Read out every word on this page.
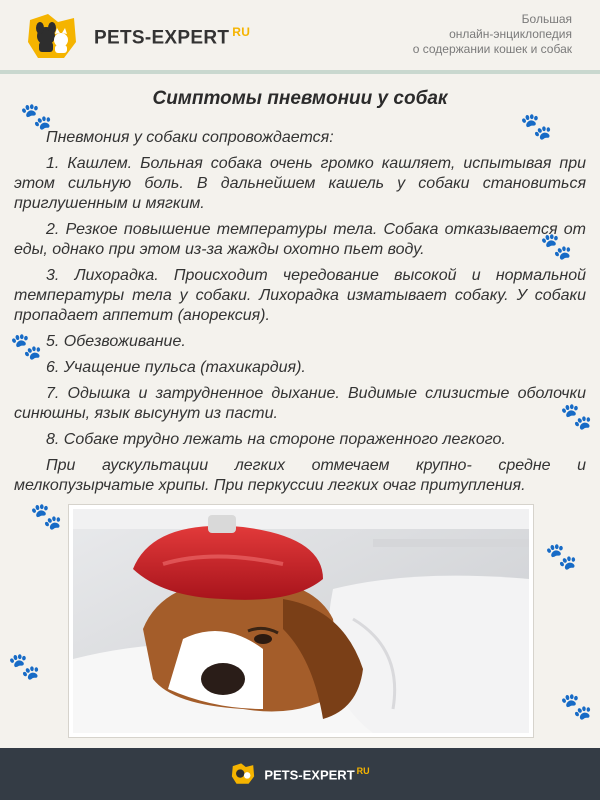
🐾	🐾
🐾
🐾
🐾
🐾
🐾
🐾
🐾
PETS-EXPERT $^{RU}$
Большая
онлайн-энциклопедия
о содержании кошек и собак
Симптомы пневмонии у собак

Пневмония у собаки сопровождается:

1. Кашлем. Больная собака очень громко кашляет, испытывая при этом сильную боль. В дальнейшем кашель у собаки становиться приглушенным и мягким.

2. Резкое повышение температуры тела. Собака отказывается от еды, однако при этом из-за жажды охотно пьет воду.

3. Лихорадка. Происходит чередование высокой и нормальной температуры тела у собаки. Лихорадка изматывает собаку. У собаки пропадает аппетит (анорексия).

5. Обезвоживание.

6. Учащение пульса (тахикардия).

7. Одышка и затрудненное дыхание. Видимые слизистые оболочки синюшны, язык высунут из пасти.

8. Собаке трудно лежать на стороне пораженного легкого.

При аускультации легких отмечаем крупно- средне и мелкопузырчатые хрипы. При перкуссии легких очаг притупления.

PETS-EXPERT $^{RU}$
